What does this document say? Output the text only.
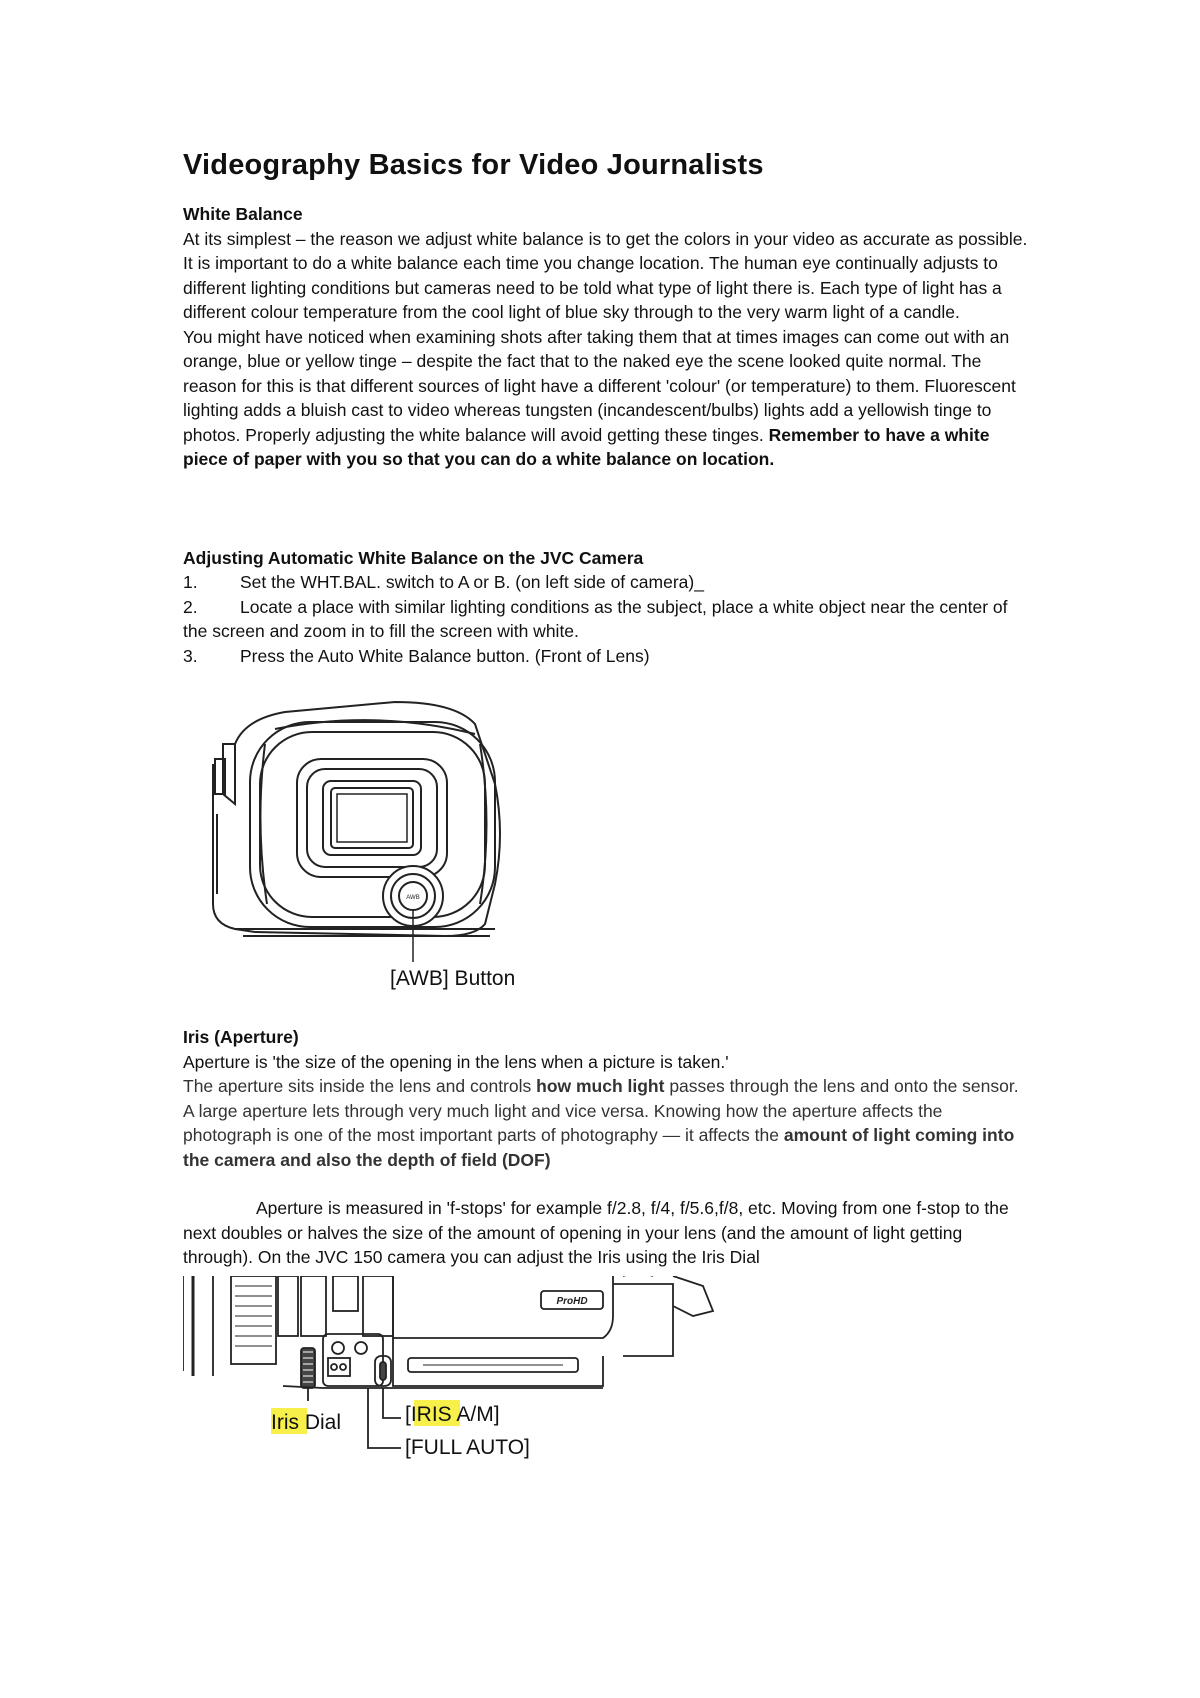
Videography Basics for Video Journalists
White Balance

At its simplest – the reason we adjust white balance is to get the colors in your video as accurate as possible. It is important to do a white balance each time you change location. The human eye continually adjusts to different lighting conditions but cameras need to be told what type of light there is. Each type of light has a different colour temperature from the cool light of blue sky through to the very warm light of a candle.

You might have noticed when examining shots after taking them that at times images can come out with an orange, blue or yellow tinge – despite the fact that to the naked eye the scene looked quite normal. The reason for this is that different sources of light have a different 'colour' (or temperature) to them. Fluorescent lighting adds a bluish cast to video whereas tungsten (incandescent/bulbs) lights add a yellowish tinge to photos. Properly adjusting the white balance will avoid getting these tinges. Remember to have a white piece of paper with you so that you can do a white balance on location.

Adjusting Automatic White Balance on the JVC Camera
1. Set the WHT.BAL. switch to A or B. (on left side of camera)_
2. Locate a place with similar lighting conditions as the subject, place a white object near the center of the screen and zoom in to fill the screen with white.
3. Press the Auto White Balance button. (Front of Lens)
AWB
[AWB] Button
Iris (Aperture)

Aperture is 'the size of the opening in the lens when a picture is taken.'

The aperture sits inside the lens and controls how much light passes through the lens and onto the sensor. A large aperture lets through very much light and vice versa. Knowing how the aperture affects the photograph is one of the most important parts of photography — it affects the amount of light coming into the camera and also the depth of field (DOF)

Aperture is measured in 'f-stops' for example f/2.8, f/4, f/5.6,f/8, etc. Moving from one f-stop to the next doubles or halves the size of the amount of opening in your lens (and the amount of light getting through). On the JVC 150 camera you can adjust the Iris using the Iris Dial

ProHD
Iris Dial	[IRIS A/M]
[FULL AUTO]
